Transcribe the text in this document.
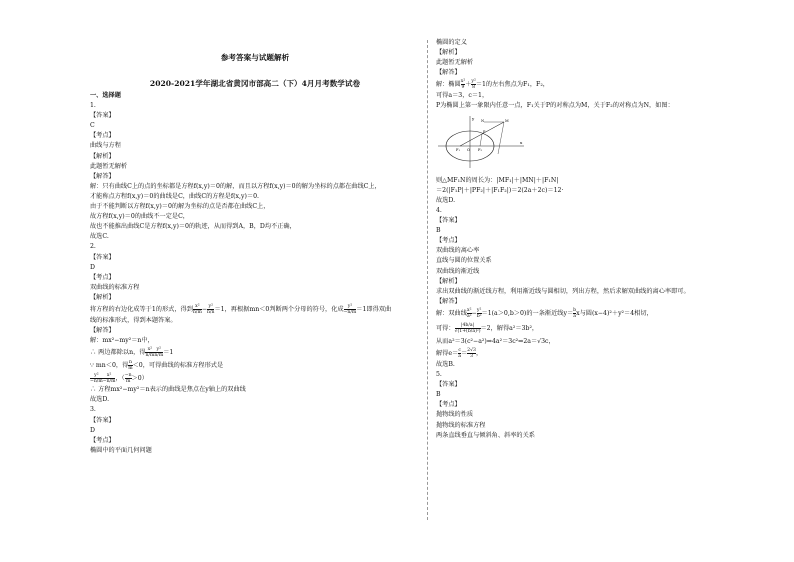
参考答案与试题解析
2020-2021学年湖北省黄冈市部高二（下）4月月考数学试卷
一、选择题
1.
【答案】
C
【考点】
曲线与方程
【解析】
此题暂无解析
【解答】
解：只有曲线C上的点的坐标都是方程f(x,y)＝0的解，而且以方程f(x,y)＝0的解为坐标的点都在曲线C上，
才能称点方程f(x,y)＝0的曲线是C，曲线C的方程是f(x,y)＝0.
由于不能判断以方程f(x,y)＝0的解为坐标的点是否都在曲线C上，
故方程f(x,y)＝0的曲线不一定是C，
故也不能推出曲线C是方程f(x,y)＝0的轨迹，从而得到A，B，D均不正确，
故选C.
2.
【答案】
D
【考点】
双曲线的标准方程
【解析】
将方程的右边化成等于1的形式，得到 $\frac{\text{x²}}{n/m} - \frac{\text{y²}}{n/n} =1$，再根据mn＜0判断两个分母的符号，化成 $\frac{\text{y²}}{-n/m} =1$即得双曲
线的标准形式，得到本题答案。
【解答】
解：mx²−my²＝n中，
∴ 两边都除以n，得 $\frac{\text{x²}}{n/m} \frac{\text{y²}}{n/m} =1$
∵ mn＜0，得 $\frac{n}{m} <0$，可得曲线的标准方程形式是
$\frac{\text{y²}}{-n/m} \frac{\text{x²}}{-n/m}$ ，（ $\frac{-n}{m} >0$）
∴ 方程mx²−my²＝n表示的曲线是焦点在y轴上的双曲线
故选D.
3.
【答案】
D
【考点】
椭圆中的平面几何问题
椭圆的定义
【解析】
此题暂无解析
【解答】
解：椭圆 $\frac{\text{x²}}{9} + \frac{\text{y²}}{8} =1$的左右焦点为F₁，F₂，
可得a＝3，c＝1，
P为椭圆上第一象限内任意一点，F₁关于P的对称点为M，关于F₂的对称点为N，如图：
y
x
O
F₁	F₂
P
M
N
则△MF₁N的周长为：|MF₁|＋|MN|＋|F₁N|
＝2(|F₁P|＋|PF₂|＋|F₁F₂|)＝2(2a＋2c)＝12·
故选D.
4.
【答案】
B
【考点】
双曲线的离心率
直线与圆的位置关系
双曲线的渐近线
【解析】
求出双曲线的渐近线方程，利用渐近线与圆相切，列出方程，然后求解双曲线的离心率即可。
【解答】
解：双曲线 $\frac{\text{x²}}{\text{a²}} - \frac{\text{y²}}{\text{b²}} =1(a>0,b>0)$的一条渐近线$y= \frac{b}{a}$ x与圆(x−4)²＋y²＝4相切，
可得： $\frac{|4b/a|}{\text{√(1+(b/a)²)}} =2$，解得a²＝3b²，
从而a²＝3(c²−a²)⇒4a²＝3c²⇒2a＝√3c，
解得$e= \frac{c}{a} = \frac{2√3}{3}$ ，
故选B.
5.
【答案】
B
【考点】
抛物线的性质
抛物线的标准方程
两条直线垂直与倾斜角、斜率的关系
